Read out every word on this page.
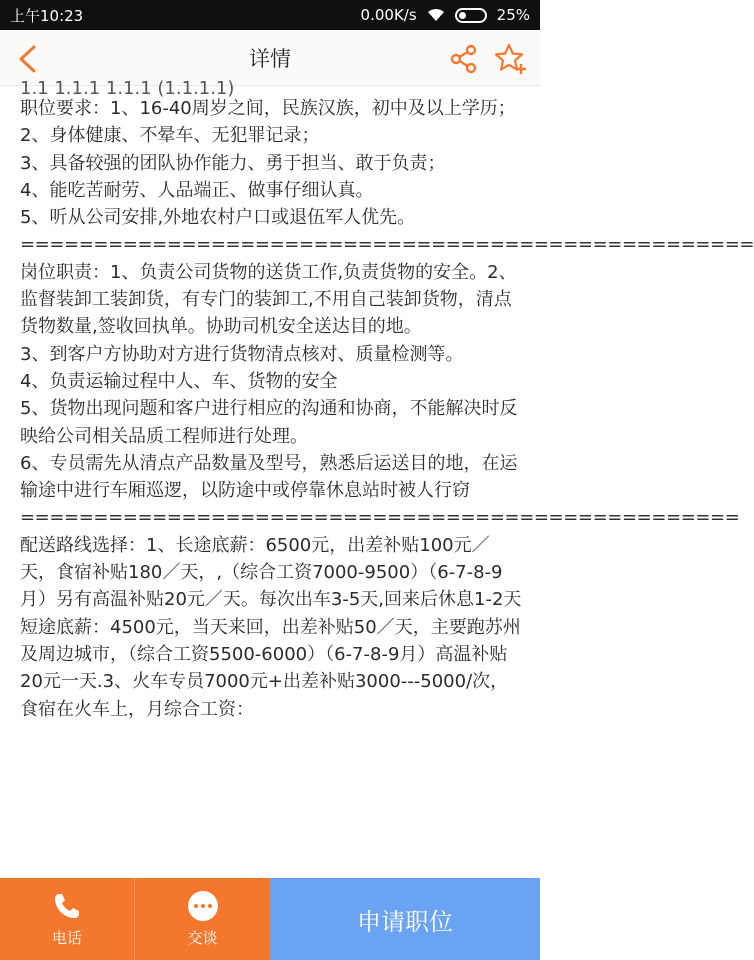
上午10:23	0.00K/s	25%
详情
1.1 1.1.1 1.1.1 (1.1.1.1)

职位要求：1、16-40周岁之间，民族汉族，初中及以上学历；

2、身体健康、不晕车、无犯罪记录；

3、具备较强的团队协作能力、勇于担当、敢于负责；

4、能吃苦耐劳、人品端正、做事仔细认真。

5、听从公司安排,外地农村户口或退伍军人优先。

==================================================

岗位职责：1、负责公司货物的送货工作,负责货物的安全。2、监督装卸工装卸货，有专门的装卸工,不用自己装卸货物，清点货物数量,签收回执单。协助司机安全送达目的地。

3、到客户方协助对方进行货物清点核对、质量检测等。

4、负责运输过程中人、车、货物的安全

5、货物出现问题和客户进行相应的沟通和协商，不能解决时反映给公司相关品质工程师进行处理。

6、专员需先从清点产品数量及型号，熟悉后运送目的地，在运输途中进行车厢巡逻，以防途中或停靠休息站时被人行窃

=================================================

配送路线选择：1、长途底薪：6500元，出差补贴100元／天，食宿补贴180／天，,（综合工资7000-9500）（6-7-8-9月）另有高温补贴20元／天。每次出车3-5天,回来后休息1-2天

短途底薪：4500元，当天来回，出差补贴50／天，主要跑苏州及周边城市，（综合工资5500-6000）（6-7-8-9月）高温补贴20元一天.3、火车专员7000元+出差补贴3000---5000/次，食宿在火车上，月综合工资：

电话	交谈
申请职位
